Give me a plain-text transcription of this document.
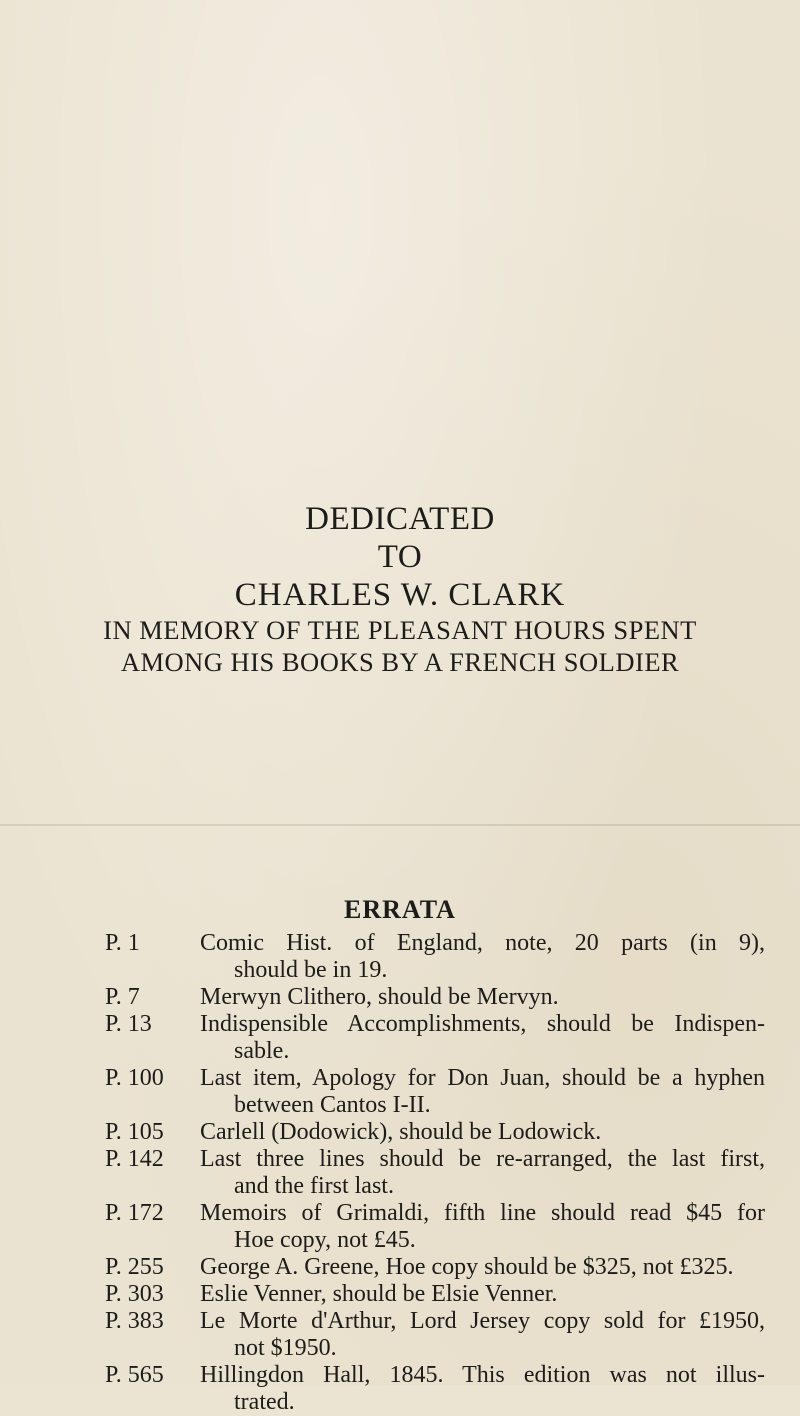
DEDICATED
TO
CHARLES W. CLARK
IN MEMORY OF THE PLEASANT HOURS SPENT
AMONG HIS BOOKS BY A FRENCH SOLDIER
ERRATA
P. 1	Comic Hist. of England, note, 20 parts (in 9),
should be in 19.
P. 7	Merwyn Clithero, should be Mervyn.
P. 13	Indispensible Accomplishments, should be Indispen-
sable.
P. 100	Last item, Apology for Don Juan, should be a hyphen
between Cantos I-II.
P. 105	Carlell (Dodowick), should be Lodowick.
P. 142	Last three lines should be re-arranged, the last first,
and the first last.
P. 172	Memoirs of Grimaldi, fifth line should read $45 for
Hoe copy, not £45.
P. 255	George A. Greene, Hoe copy should be $325, not £325.
P. 303	Eslie Venner, should be Elsie Venner.
P. 383	Le Morte d'Arthur, Lord Jersey copy sold for £1950,
not $1950.
P. 565	Hillingdon Hall, 1845. This edition was not illus-
trated.
